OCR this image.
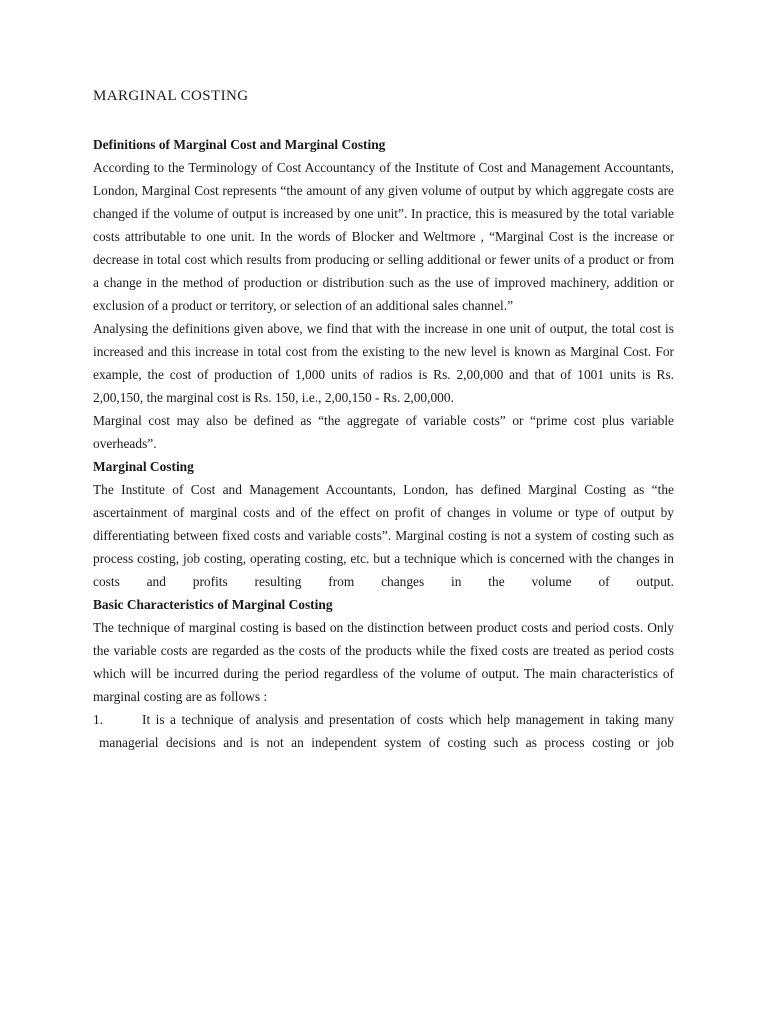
MARGINAL COSTING
Definitions of Marginal Cost and Marginal Costing

According to the Terminology of Cost Accountancy of the Institute of Cost and Management Accountants, London, Marginal Cost represents “the amount of any given volume of output by which aggregate costs are changed if the volume of output is increased by one unit”. In practice, this is measured by the total variable costs attributable to one unit. In the words of Blocker and Weltmore , “Marginal Cost is the increase or decrease in total cost which results from producing or selling additional or fewer units of a product or from a change in the method of production or distribution such as the use of improved machinery, addition or exclusion of a product or territory, or selection of an additional sales channel.”

Analysing the definitions given above, we find that with the increase in one unit of output, the total cost is increased and this increase in total cost from the existing to the new level is known as Marginal Cost. For example, the cost of production of 1,000 units of radios is Rs. 2,00,000 and that of 1001 units is Rs. 2,00,150, the marginal cost is Rs. 150, i.e., 2,00,150 - Rs. 2,00,000.

Marginal cost may also be defined as “the aggregate of variable costs” or “prime cost plus variable overheads”.

Marginal Costing

The Institute of Cost and Management Accountants, London, has defined Marginal Costing as “the ascertainment of marginal costs and of the effect on profit of changes in volume or type of output by differentiating between fixed costs and variable costs”. Marginal costing is not a system of costing such as process costing, job costing, operating costing, etc. but a technique which is concerned with the changes in costs and profits resulting from changes in the volume of output.

Basic Characteristics of Marginal Costing

The technique of marginal costing is based on the distinction between product costs and period costs. Only the variable costs are regarded as the costs of the products while the fixed costs are treated as period costs which will be incurred during the period regardless of the volume of output. The main characteristics of marginal costing are as follows :

1.	It is a technique of analysis and presentation of costs which help management in taking many
managerial decisions and is not an independent system of costing such as process costing or job
